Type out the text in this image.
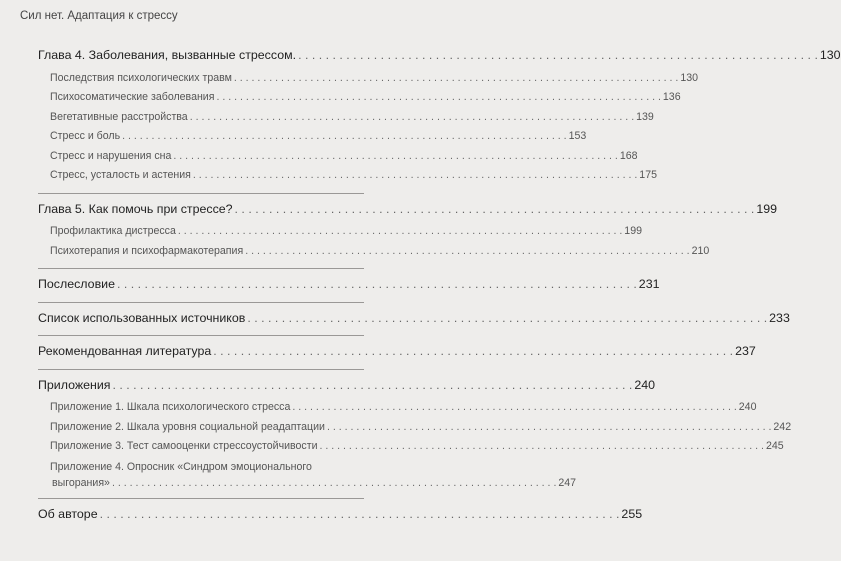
Сил нет. Адаптация к стрессу
Глава 4. Заболевания, вызванные стрессом. . . .	130
Последствия психологических травм . . .	130
Психосоматические заболевания . . .	136
Вегетативные расстройства . . .	139
Стресс и боль . . .	153
Стресс и нарушения сна . . .	168
Стресс, усталость и астения . . .	175
Глава 5. Как помочь при стрессе? . . .	199
Профилактика дистресса . . .	199
Психотерапия и психофармакотерапия . . .	210
Послесловие . . .	231
Список использованных источников . . .	233
Рекомендованная литература . . .	237
Приложения . . .	240
Приложение 1. Шкала психологического стресса . . .	240
Приложение 2. Шкала уровня социальной реадаптации . . .	242
Приложение 3. Тест самооценки стрессоустойчивости . . .	245
Приложение 4. Опросник «Синдром эмоционального
выгорания» . . .	247
Об авторе . . .	255
